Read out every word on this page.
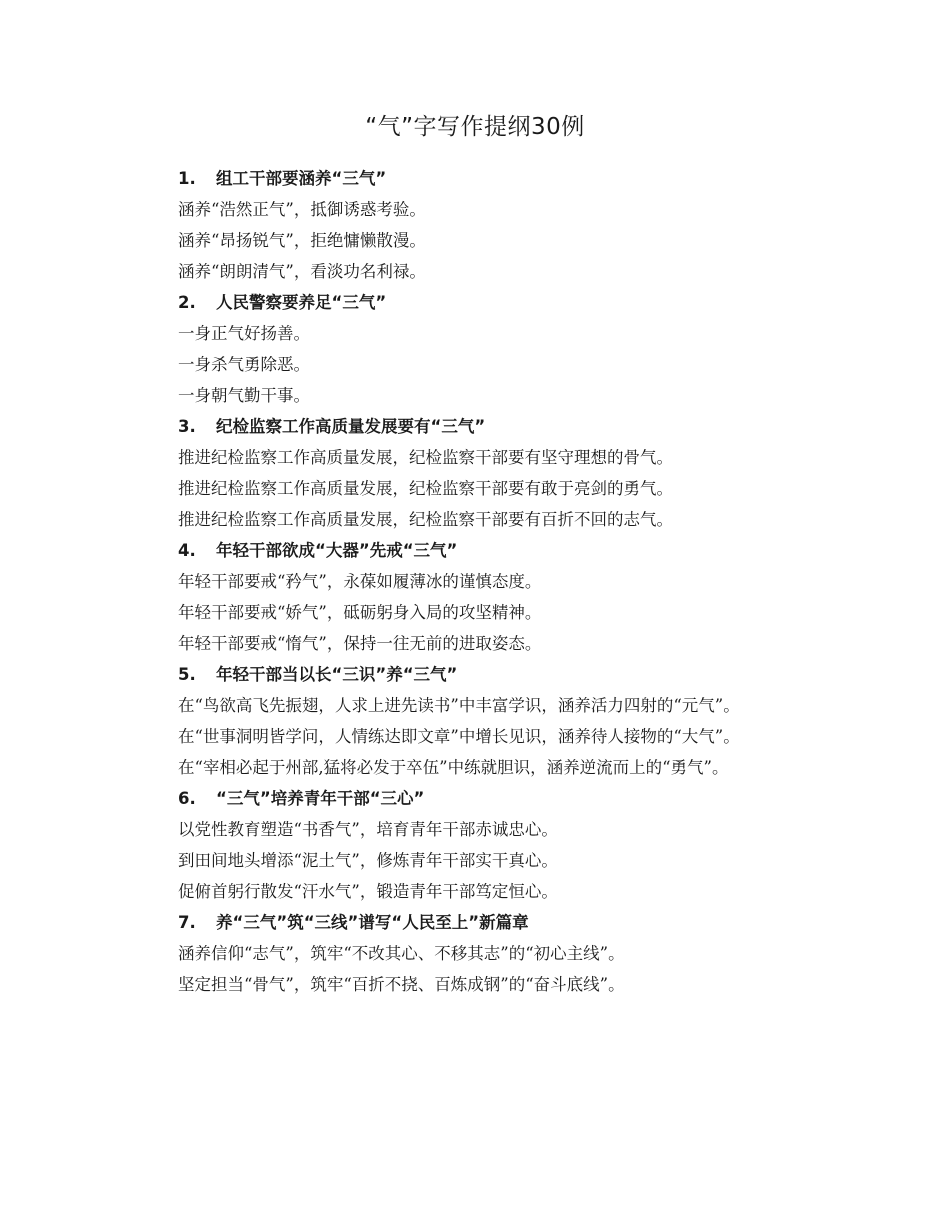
“气”字写作提纲30例
1. 组工干部要涵养“三气”
涵养“浩然正气”，抵御诱惑考验。
涵养“昂扬锐气”，拒绝慵懒散漫。
涵养“朗朗清气”，看淡功名利禄。
2. 人民警察要养足“三气”
一身正气好扬善。
一身杀气勇除恶。
一身朝气勤干事。
3. 纪检监察工作高质量发展要有“三气”
推进纪检监察工作高质量发展，纪检监察干部要有坚守理想的骨气。
推进纪检监察工作高质量发展，纪检监察干部要有敢于亮剑的勇气。
推进纪检监察工作高质量发展，纪检监察干部要有百折不回的志气。
4. 年轻干部欲成“大器”先戒“三气”
年轻干部要戒“矜气”，永葆如履薄冰的谨慎态度。
年轻干部要戒“娇气”，砥砺躬身入局的攻坚精神。
年轻干部要戒“惰气”，保持一往无前的进取姿态。
5. 年轻干部当以长“三识”养“三气”

在“鸟欲高飞先振翅，人求上进先读书”中丰富学识，涵养活力四射的“元气”。

在“世事洞明皆学问，人情练达即文章”中增长见识，涵养待人接物的“大气”。

在“宰相必起于州部,猛将必发于卒伍”中练就胆识，涵养逆流而上的“勇气”。

6. “三气”培养青年干部“三心”
以党性教育塑造“书香气”，培育青年干部赤诚忠心。
到田间地头增添“泥土气”，修炼青年干部实干真心。
促俯首躬行散发“汗水气”，锻造青年干部笃定恒心。
7. 养“三气”筑“三线”谱写“人民至上”新篇章
涵养信仰“志气”，筑牢“不改其心、不移其志”的“初心主线”。
坚定担当“骨气”，筑牢“百折不挠、百炼成钢”的“奋斗底线”。
